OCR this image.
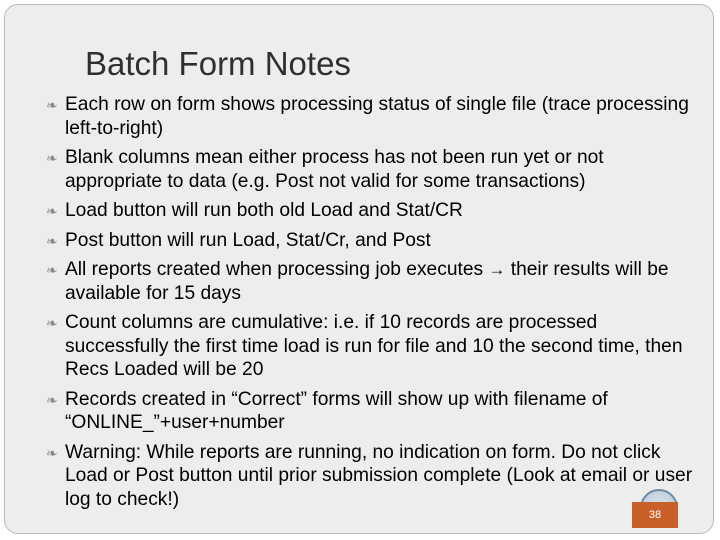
Batch Form Notes
❧ Each row on form shows processing status of single file (trace processing left-to-right)
❧ Blank columns mean either process has not been run yet or not appropriate to data (e.g. Post not valid for some transactions)
❧ Load button will run both old Load and Stat/CR
❧ Post button will run Load, Stat/Cr, and Post
❧ All reports created when processing job executes → their results will be available for 15 days
❧ Count columns are cumulative: i.e. if 10 records are processed successfully the first time load is run for file and 10 the second time, then Recs Loaded will be 20
❧ Records created in “Correct” forms will show up with filename of “ONLINE_”+user+number
❧ Warning: While reports are running, no indication on form. Do not click Load or Post button until prior submission complete (Look at email or user log to check!)
38
